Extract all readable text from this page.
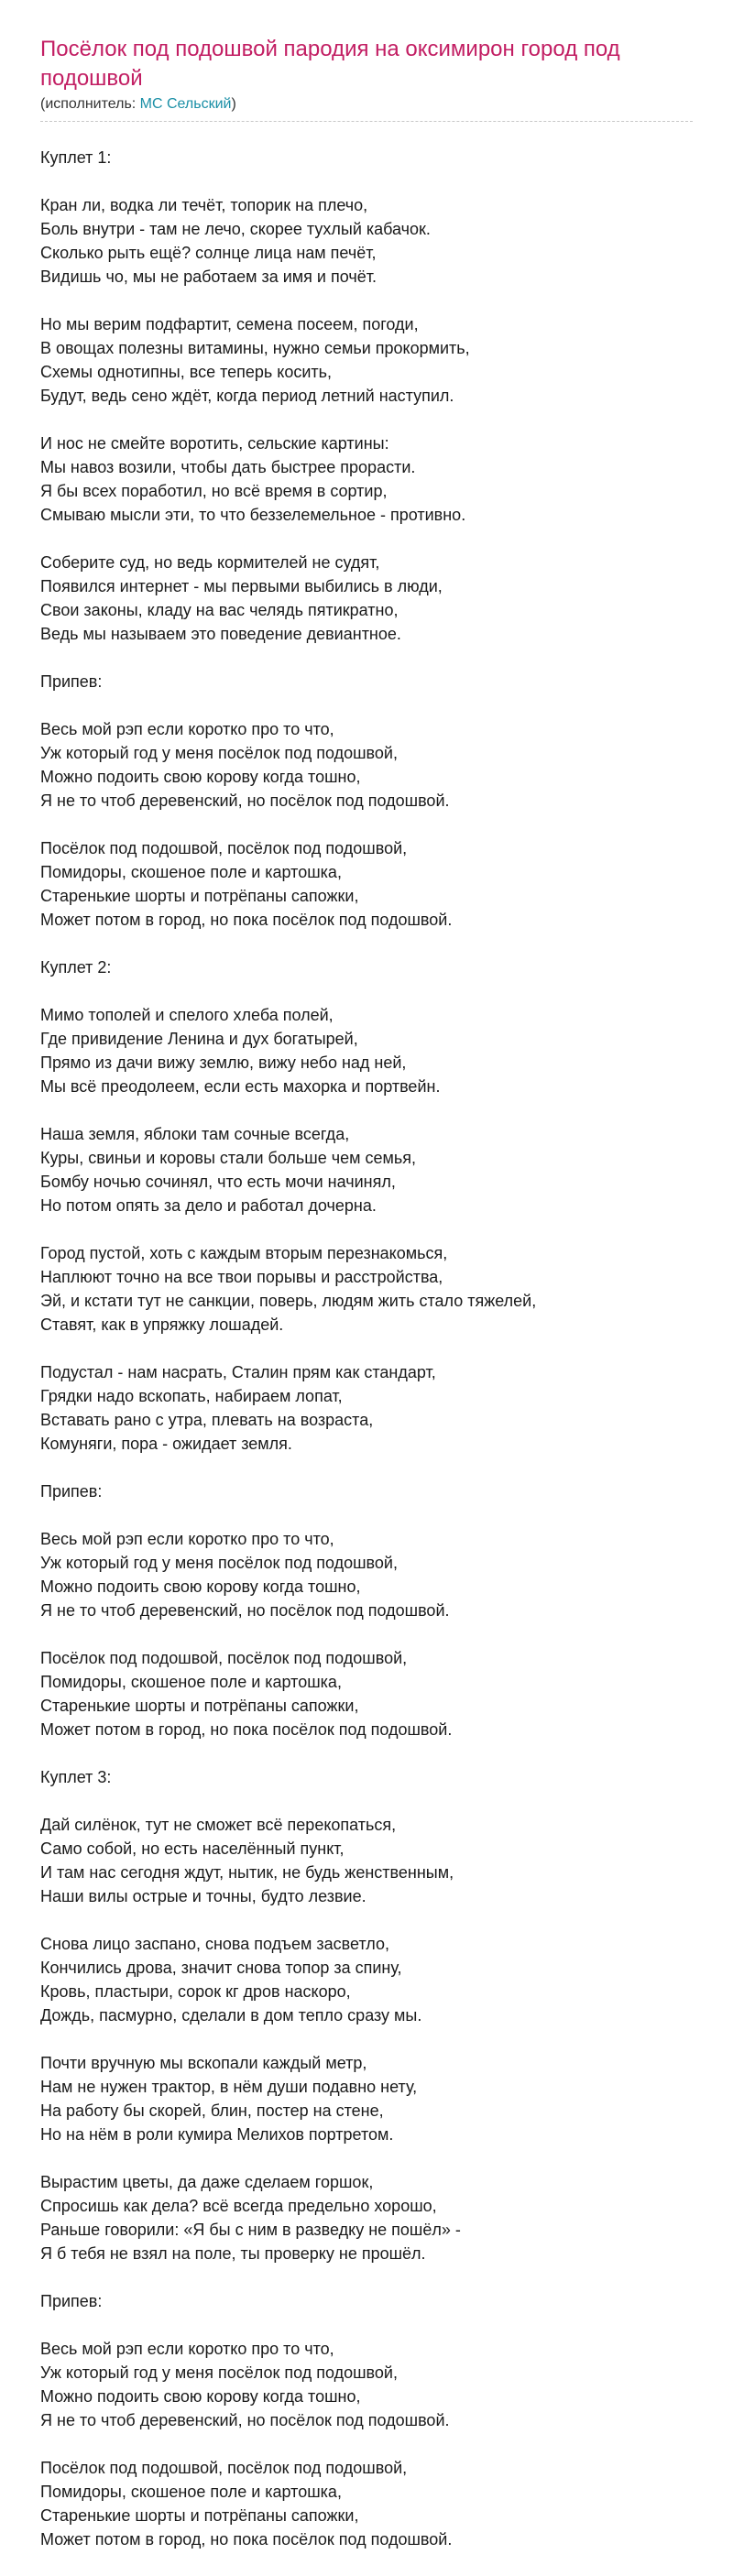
Посёлок под подошвой пародия на оксимирон город под подошвой
(исполнитель: MC Сельский)
Куплет 1:
Кран ли, водка ли течёт, топорик на плечо,
Боль внутри - там не лечо, скорее тухлый кабачок.
Сколько рыть ещё? солнце лица нам печёт,
Видишь чо, мы не работаем за имя и почёт.
Но мы верим подфартит, семена посеем, погоди,
В овощах полезны витамины, нужно семьи прокормить,
Схемы однотипны, все теперь косить,
Будут, ведь сено ждёт, когда период летний наступил.
И нос не смейте воротить, сельские картины:
Мы навоз возили, чтобы дать быстрее прорасти.
Я бы всех поработил, но всё время в сортир,
Смываю мысли эти, то что беззелемельное - противно.
Соберите суд, но ведь кормителей не судят,
Появился интернет - мы первыми выбились в люди,
Свои законы, кладу на вас челядь пятикратно,
Ведь мы называем это поведение девиантное.
Припев:
Весь мой рэп если коротко про то что,
Уж который год у меня посёлок под подошвой,
Можно подоить свою корову когда тошно,
Я не то чтоб деревенский, но посёлок под подошвой.
Посёлок под подошвой, посёлок под подошвой,
Помидоры, скошеное поле и картошка,
Старенькие шорты и потрёпаны сапожки,
Может потом в город, но пока посёлок под подошвой.
Куплет 2:
Мимо тополей и спелого хлеба полей,
Где привидение Ленина и дух богатырей,
Прямо из дачи вижу землю, вижу небо над ней,
Мы всё преодолеем, если есть махорка и портвейн.
Наша земля, яблоки там сочные всегда,
Куры, свиньи и коровы стали больше чем семья,
Бомбу ночью сочинял, что есть мочи начинял,
Но потом опять за дело и работал дочерна.
Город пустой, хоть с каждым вторым перезнакомься,
Наплюют точно на все твои порывы и расстройства,
Эй, и кстати тут не санкции, поверь, людям жить стало тяжелей,
Ставят, как в упряжку лошадей.
Подустал - нам насрать, Сталин прям как стандарт,
Грядки надо вскопать, набираем лопат,
Вставать рано с утра, плевать на возраста,
Комуняги, пора - ожидает земля.
Припев:
Весь мой рэп если коротко про то что,
Уж который год у меня посёлок под подошвой,
Можно подоить свою корову когда тошно,
Я не то чтоб деревенский, но посёлок под подошвой.
Посёлок под подошвой, посёлок под подошвой,
Помидоры, скошеное поле и картошка,
Старенькие шорты и потрёпаны сапожки,
Может потом в город, но пока посёлок под подошвой.
Куплет 3:
Дай силёнок, тут не сможет всё перекопаться,
Само собой, но есть населённый пункт,
И там нас сегодня ждут, нытик, не будь женственным,
Наши вилы острые и точны, будто лезвие.
Снова лицо заспано, снова подъем засветло,
Кончились дрова, значит снова топор за спину,
Кровь, пластыри, сорок кг дров наскоро,
Дождь, пасмурно, сделали в дом тепло сразу мы.
Почти вручную мы вскопали каждый метр,
Нам не нужен трактор, в нём души подавно нету,
На работу бы скорей, блин, постер на стене,
Но на нём в роли кумира Мелихов портретом.
Вырастим цветы, да даже сделаем горшок,
Спросишь как дела? всё всегда предельно хорошо,
Раньше говорили: «Я бы с ним в разведку не пошёл» -
Я б тебя не взял на поле, ты проверку не прошёл.
Припев:
Весь мой рэп если коротко про то что,
Уж который год у меня посёлок под подошвой,
Можно подоить свою корову когда тошно,
Я не то чтоб деревенский, но посёлок под подошвой.
Посёлок под подошвой, посёлок под подошвой,
Помидоры, скошеное поле и картошка,
Старенькие шорты и потрёпаны сапожки,
Может потом в город, но пока посёлок под подошвой.
